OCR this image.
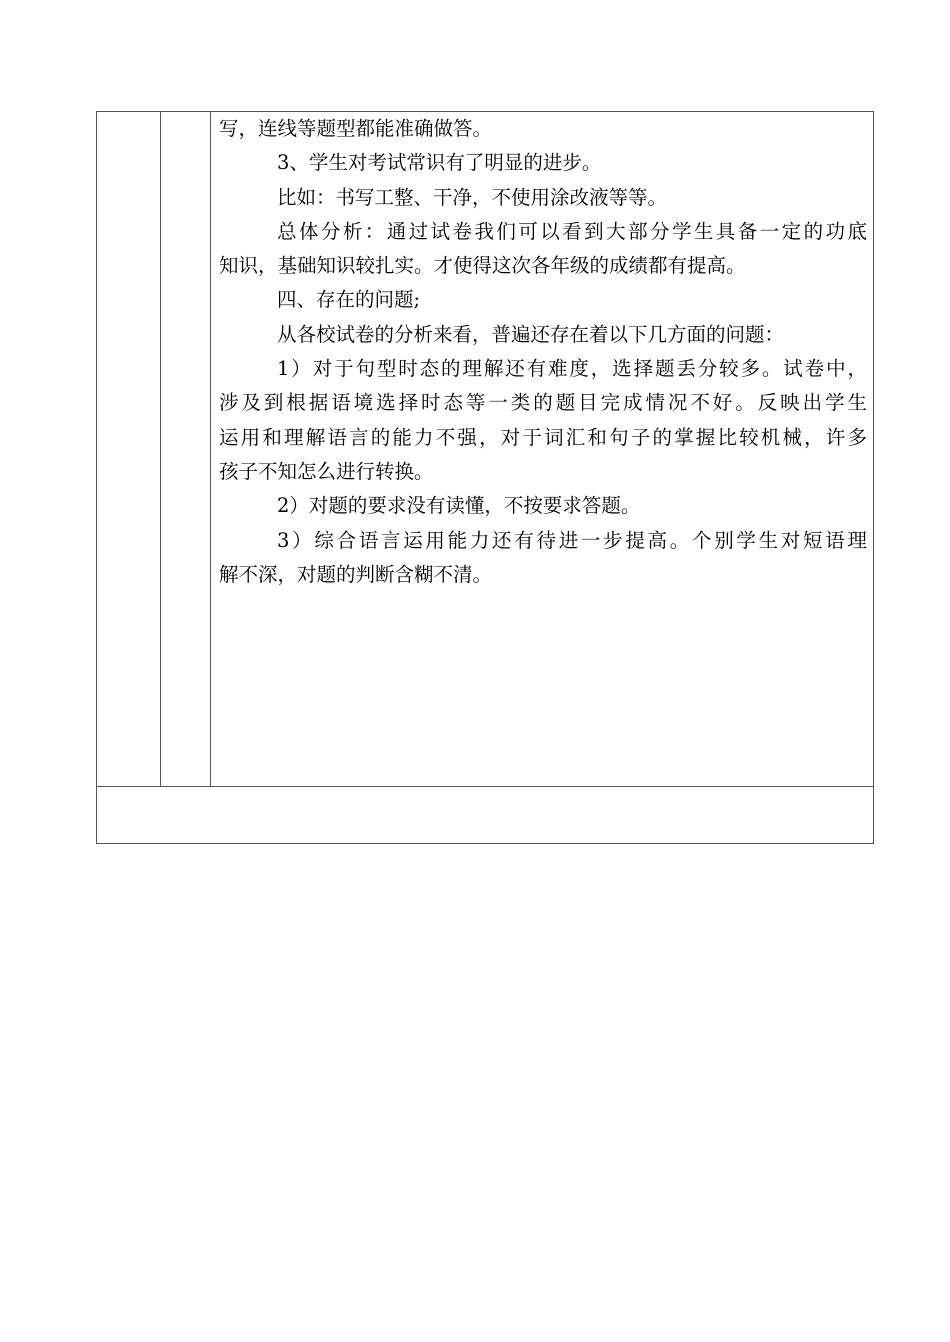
写，连线等题型都能准确做答。
3、学生对考试常识有了明显的进步。
比如：书写工整、干净，不使用涂改液等等。
总体分析：通过试卷我们可以看到大部分学生具备一定的功底
知识，基础知识较扎实。才使得这次各年级的成绩都有提高。
四、存在的问题;
从各校试卷的分析来看，普遍还存在着以下几方面的问题：
1）对于句型时态的理解还有难度，选择题丢分较多。试卷中，
涉及到根据语境选择时态等一类的题目完成情况不好。反映出学生
运用和理解语言的能力不强，对于词汇和句子的掌握比较机械，许多
孩子不知怎么进行转换。
2）对题的要求没有读懂，不按要求答题。
3）综合语言运用能力还有待进一步提高。个别学生对短语理
解不深，对题的判断含糊不清。
